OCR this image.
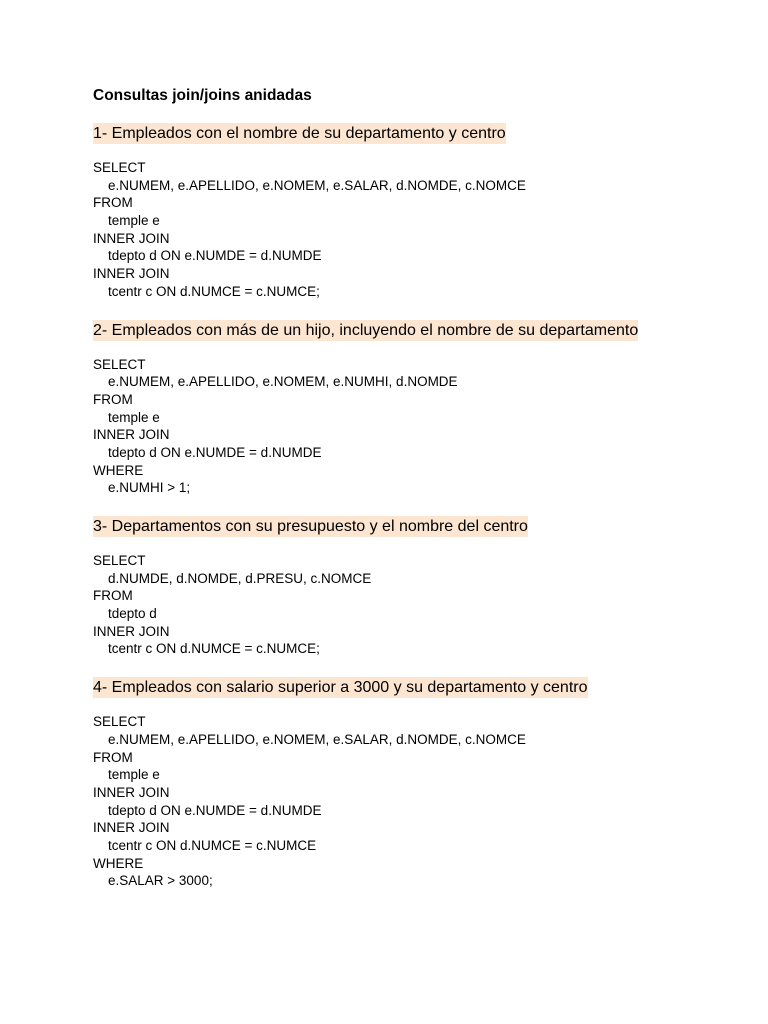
Consultas join/joins anidadas
1- Empleados con el nombre de su departamento y centro
SELECT
e.NUMEM, e.APELLIDO, e.NOMEM, e.SALAR, d.NOMDE, c.NOMCE
FROM
temple e
INNER JOIN
tdepto d ON e.NUMDE = d.NUMDE
INNER JOIN
tcentr c ON d.NUMCE = c.NUMCE;
2- Empleados con más de un hijo, incluyendo el nombre de su departamento
SELECT
e.NUMEM, e.APELLIDO, e.NOMEM, e.NUMHI, d.NOMDE
FROM
temple e
INNER JOIN
tdepto d ON e.NUMDE = d.NUMDE
WHERE
e.NUMHI > 1;
3- Departamentos con su presupuesto y el nombre del centro
SELECT
d.NUMDE, d.NOMDE, d.PRESU, c.NOMCE
FROM
tdepto d
INNER JOIN
tcentr c ON d.NUMCE = c.NUMCE;
4- Empleados con salario superior a 3000 y su departamento y centro
SELECT
e.NUMEM, e.APELLIDO, e.NOMEM, e.SALAR, d.NOMDE, c.NOMCE
FROM
temple e
INNER JOIN
tdepto d ON e.NUMDE = d.NUMDE
INNER JOIN
tcentr c ON d.NUMCE = c.NUMCE
WHERE
e.SALAR > 3000;
